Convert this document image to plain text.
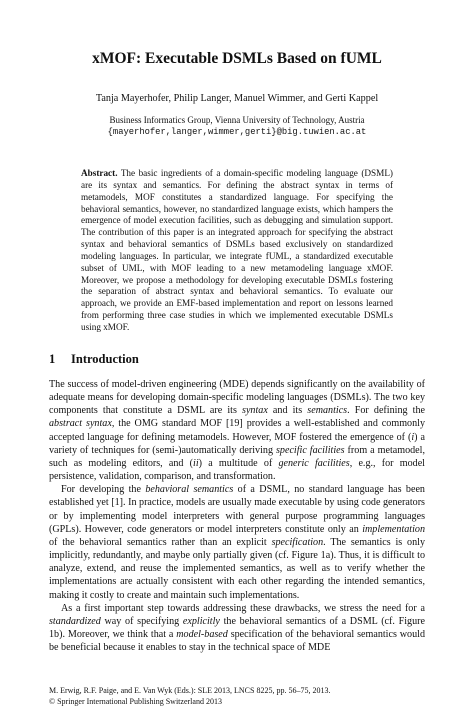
xMOF: Executable DSMLs Based on fUML
Tanja Mayerhofer, Philip Langer, Manuel Wimmer, and Gerti Kappel
Business Informatics Group, Vienna University of Technology, Austria
{mayerhofer,langer,wimmer,gerti}@big.tuwien.ac.at
Abstract. The basic ingredients of a domain-specific modeling language (DSML) are its syntax and semantics. For defining the abstract syntax in terms of metamodels, MOF constitutes a standardized language. For specifying the behavioral semantics, however, no standardized language exists, which hampers the emergence of model execution facilities, such as debugging and simulation support. The contribution of this paper is an integrated approach for specifying the abstract syntax and behavioral semantics of DSMLs based exclusively on standardized modeling languages. In particular, we integrate fUML, a standardized executable subset of UML, with MOF leading to a new metamodeling language xMOF. Moreover, we propose a methodology for developing executable DSMLs fostering the separation of abstract syntax and behavioral semantics. To evaluate our approach, we provide an EMF-based implementation and report on lessons learned from performing three case studies in which we implemented executable DSMLs using xMOF.
1 Introduction

The success of model-driven engineering (MDE) depends significantly on the availability of adequate means for developing domain-specific modeling languages (DSMLs). The two key components that constitute a DSML are its syntax and its semantics. For defining the abstract syntax, the OMG standard MOF [19] provides a well-established and commonly accepted language for defining metamodels. However, MOF fostered the emergence of (i) a variety of techniques for (semi-)automatically deriving specific facilities from a metamodel, such as modeling editors, and (ii) a multitude of generic facilities, e.g., for model persistence, validation, comparison, and transformation.

For developing the behavioral semantics of a DSML, no standard language has been established yet [1]. In practice, models are usually made executable by using code generators or by implementing model interpreters with general purpose programming languages (GPLs). However, code generators or model interpreters constitute only an implementation of the behavioral semantics rather than an explicit specification. The semantics is only implicitly, redundantly, and maybe only partially given (cf. Figure 1a). Thus, it is difficult to analyze, extend, and reuse the implemented semantics, as well as to verify whether the implementations are actually consistent with each other regarding the intended semantics, making it costly to create and maintain such implementations.

As a first important step towards addressing these drawbacks, we stress the need for a standardized way of specifying explicitly the behavioral semantics of a DSML (cf. Figure 1b). Moreover, we think that a model-based specification of the behavioral semantics would be beneficial because it enables to stay in the technical space of MDE

M. Erwig, R.F. Paige, and E. Van Wyk (Eds.): SLE 2013, LNCS 8225, pp. 56–75, 2013.
© Springer International Publishing Switzerland 2013
